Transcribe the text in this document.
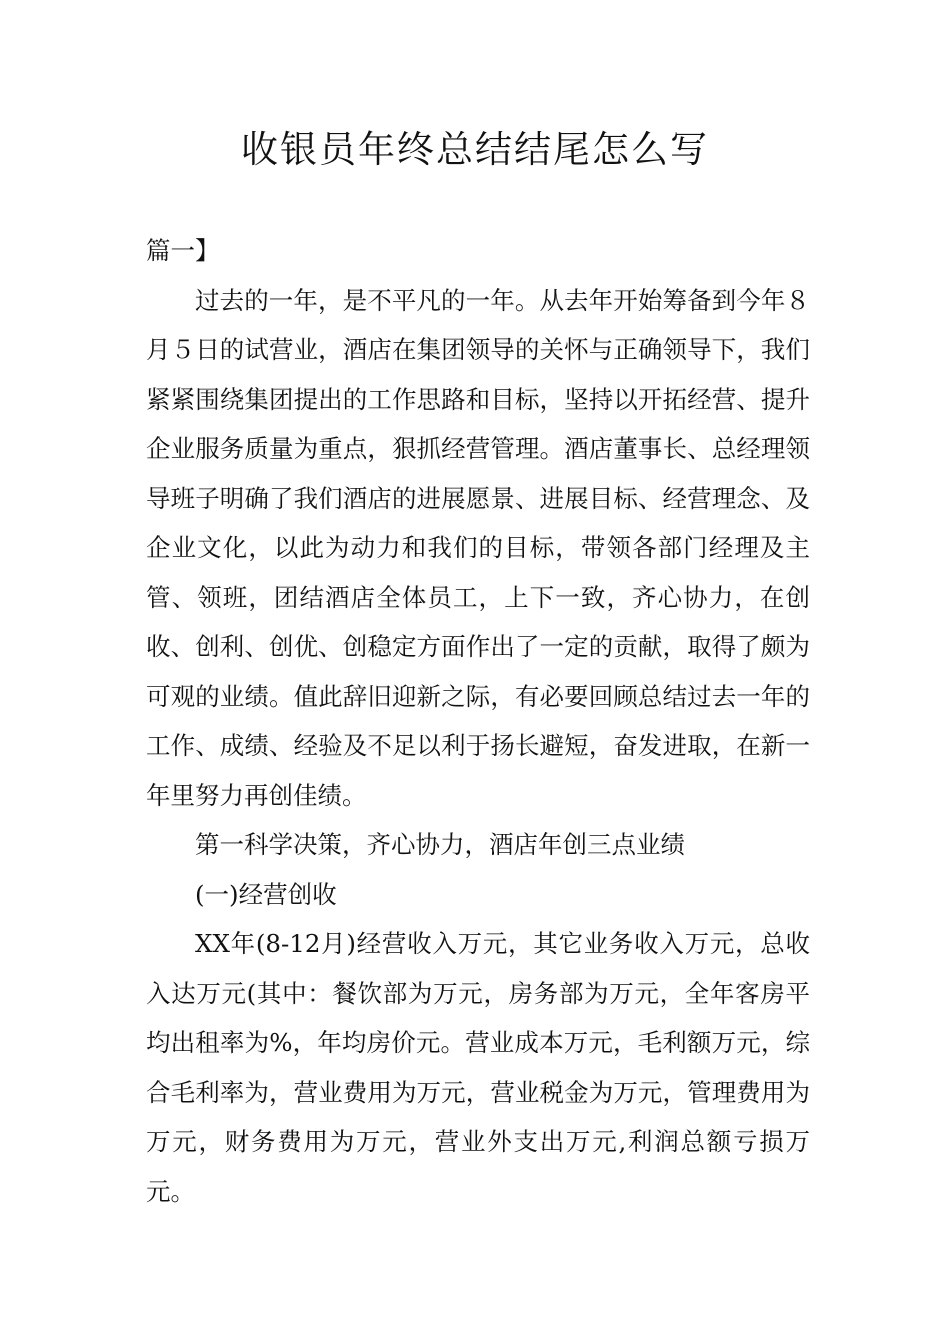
收银员年终总结结尾怎么写

篇一】

过去的一年，是不平凡的一年。从去年开始筹备到今年８月５日的试营业，酒店在集团领导的关怀与正确领导下，我们紧紧围绕集团提出的工作思路和目标，坚持以开拓经营、提升企业服务质量为重点，狠抓经营管理。酒店董事长、总经理领导班子明确了我们酒店的进展愿景、进展目标、经营理念、及企业文化，以此为动力和我们的目标，带领各部门经理及主管、领班，团结酒店全体员工，上下一致，齐心协力，在创收、创利、创优、创稳定方面作出了一定的贡献，取得了颇为可观的业绩。值此辞旧迎新之际，有必要回顾总结过去一年的工作、成绩、经验及不足以利于扬长避短，奋发进取，在新一年里努力再创佳绩。

第一科学决策，齐心协力，酒店年创三点业绩

(一)经营创收

XX年(8-12月)经营收入万元，其它业务收入万元，总收入达万元(其中：餐饮部为万元，房务部为万元，全年客房平均出租率为%，年均房价元。营业成本万元，毛利额万元，综合毛利率为，营业费用为万元，营业税金为万元，管理费用为万元，财务费用为万元，营业外支出万元,利润总额亏损万元。
